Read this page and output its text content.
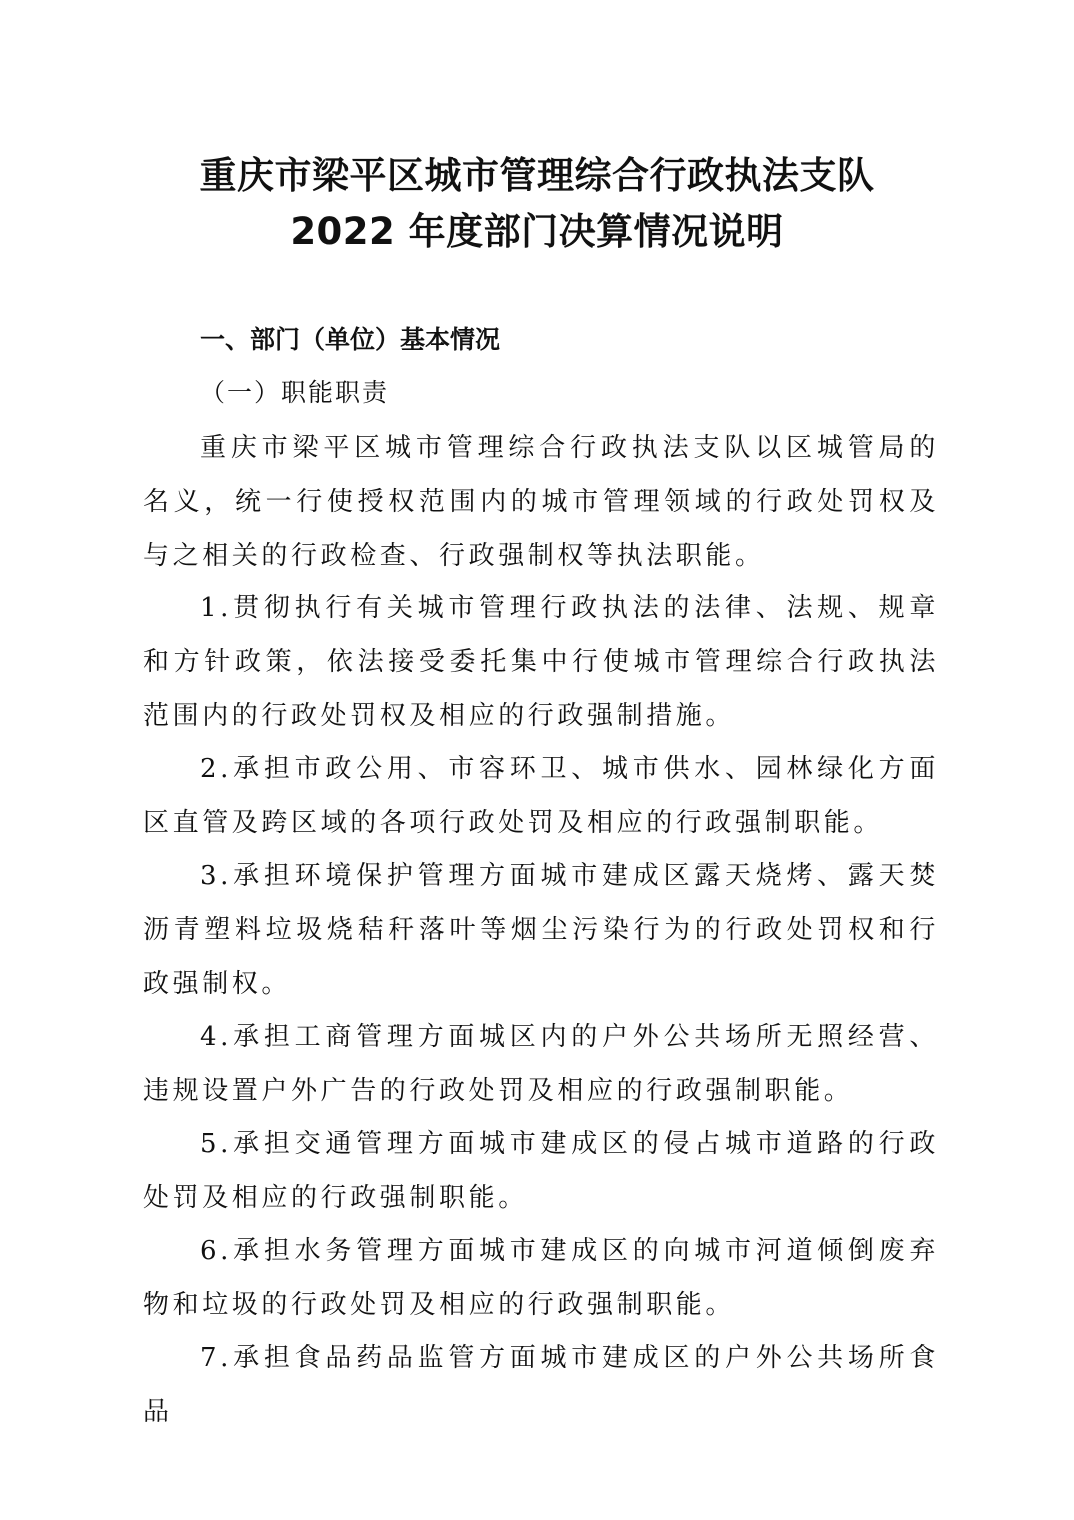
重庆市梁平区城市管理综合行政执法支队
2022 年度部门决算情况说明
一、部门（单位）基本情况
（一）职能职责

重庆市梁平区城市管理综合行政执法支队以区城管局的名义，统一行使授权范围内的城市管理领域的行政处罚权及与之相关的行政检查、行政强制权等执法职能。

1.贯彻执行有关城市管理行政执法的法律、法规、规章和方针政策，依法接受委托集中行使城市管理综合行政执法范围内的行政处罚权及相应的行政强制措施。

2.承担市政公用、市容环卫、城市供水、园林绿化方面区直管及跨区域的各项行政处罚及相应的行政强制职能。

3.承担环境保护管理方面城市建成区露天烧烤、露天焚沥青塑料垃圾烧秸秆落叶等烟尘污染行为的行政处罚权和行政强制权。

4.承担工商管理方面城区内的户外公共场所无照经营、违规设置户外广告的行政处罚及相应的行政强制职能。

5.承担交通管理方面城市建成区的侵占城市道路的行政处罚及相应的行政强制职能。

6.承担水务管理方面城市建成区的向城市河道倾倒废弃物和垃圾的行政处罚及相应的行政强制职能。

7.承担食品药品监管方面城市建成区的户外公共场所食品
